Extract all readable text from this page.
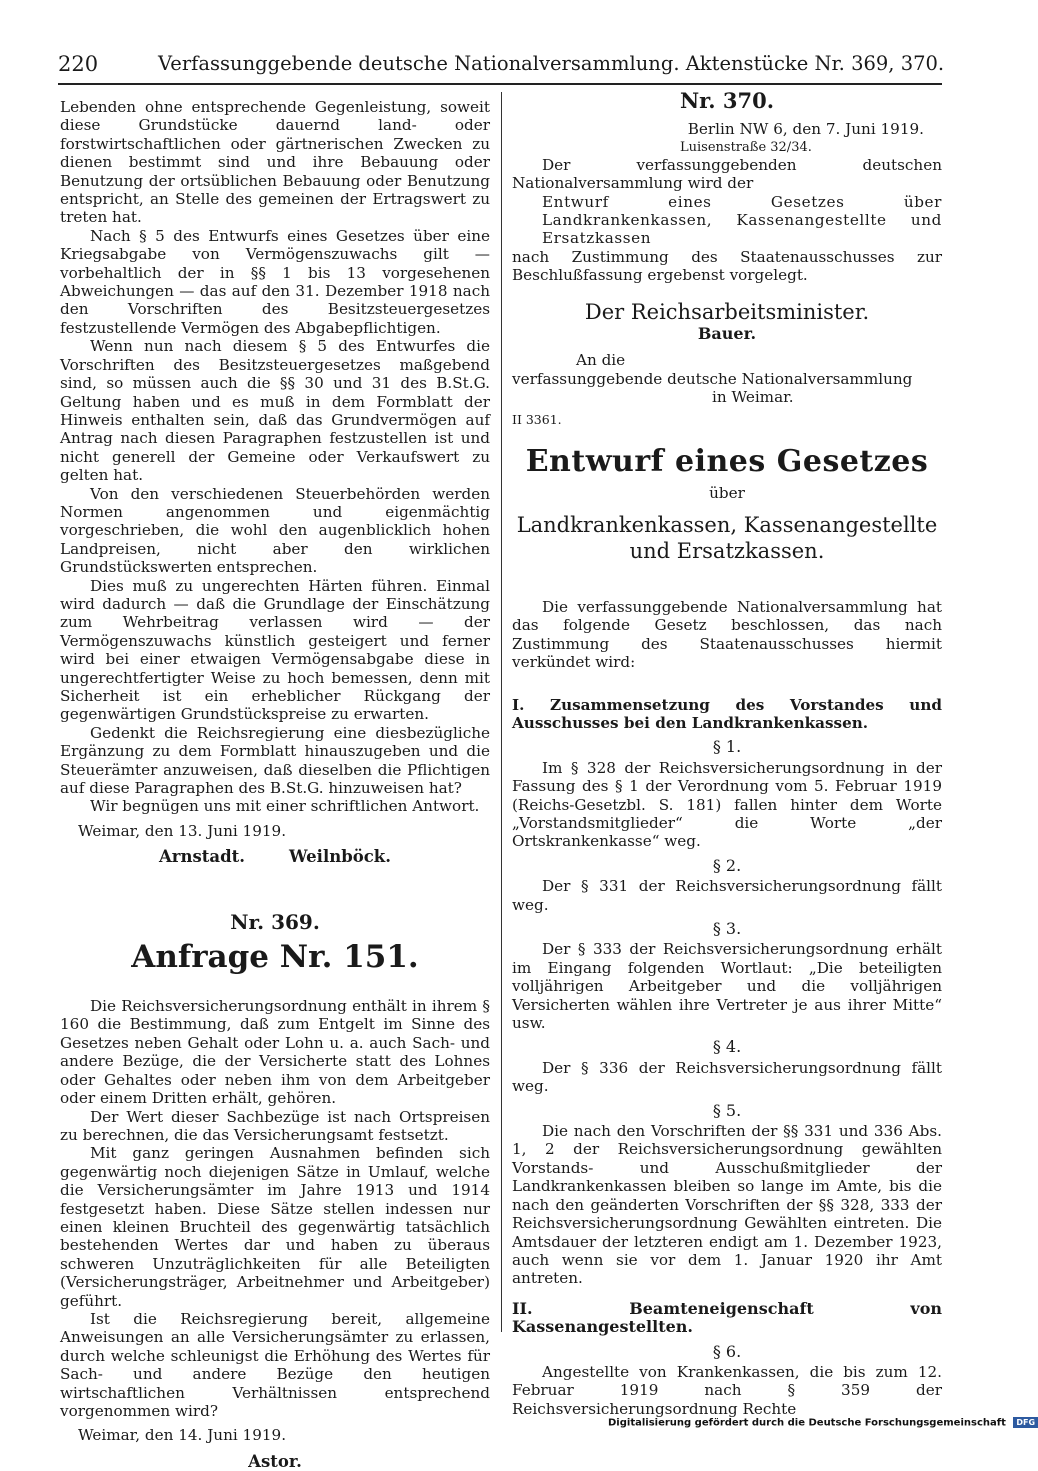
220	Verfassunggebende deutsche Nationalversammlung. Aktenstücke Nr. 369, 370.

Lebenden ohne entsprechende Gegenleistung, soweit diese Grundstücke dauernd land- oder forstwirtschaftlichen oder gärtnerischen Zwecken zu dienen bestimmt sind und ihre Bebauung oder Benutzung der ortsüblichen Bebauung oder Benutzung entspricht, an Stelle des gemeinen der Ertragswert zu treten hat.

Nach § 5 des Entwurfs eines Gesetzes über eine Kriegsabgabe von Vermögenszuwachs gilt — vorbehaltlich der in §§ 1 bis 13 vorgesehenen Abweichungen — das auf den 31. Dezember 1918 nach den Vorschriften des Besitzsteuergesetzes festzustellende Vermögen des Abgabepflichtigen.

Wenn nun nach diesem § 5 des Entwurfes die Vorschriften des Besitzsteuergesetzes maßgebend sind, so müssen auch die §§ 30 und 31 des B.St.G. Geltung haben und es muß in dem Formblatt der Hinweis enthalten sein, daß das Grundvermögen auf Antrag nach diesen Paragraphen festzustellen ist und nicht generell der Gemeine oder Verkaufswert zu gelten hat.

Von den verschiedenen Steuerbehörden werden Normen angenommen und eigenmächtig vorgeschrieben, die wohl den augenblicklich hohen Landpreisen, nicht aber den wirklichen Grundstückswerten entsprechen.

Dies muß zu ungerechten Härten führen. Einmal wird dadurch — daß die Grundlage der Einschätzung zum Wehrbeitrag verlassen wird — der Vermögenszuwachs künstlich gesteigert und ferner wird bei einer etwaigen Vermögensabgabe diese in ungerechtfertigter Weise zu hoch bemessen, denn mit Sicherheit ist ein erheblicher Rückgang der gegenwärtigen Grundstückspreise zu erwarten.

Gedenkt die Reichsregierung eine diesbezügliche Ergänzung zu dem Formblatt hinauszugeben und die Steuerämter anzuweisen, daß dieselben die Pflichtigen auf diese Paragraphen des B.St.G. hinzuweisen hat?

Wir begnügen uns mit einer schriftlichen Antwort.

Weimar, den 13. Juni 1919.

Arnstadt.	Weilnböck.
Nr. 369.
Anfrage Nr. 151.

Die Reichsversicherungsordnung enthält in ihrem § 160 die Bestimmung, daß zum Entgelt im Sinne des Gesetzes neben Gehalt oder Lohn u. a. auch Sach- und andere Bezüge, die der Versicherte statt des Lohnes oder Gehaltes oder neben ihm von dem Arbeitgeber oder einem Dritten erhält, gehören.

Der Wert dieser Sachbezüge ist nach Ortspreisen zu berechnen, die das Versicherungsamt festsetzt.

Mit ganz geringen Ausnahmen befinden sich gegenwärtig noch diejenigen Sätze in Umlauf, welche die Versicherungsämter im Jahre 1913 und 1914 festgesetzt haben. Diese Sätze stellen indessen nur einen kleinen Bruchteil des gegenwärtig tatsächlich bestehenden Wertes dar und haben zu überaus schweren Unzuträglichkeiten für alle Beteiligten (Versicherungsträger, Arbeitnehmer und Arbeitgeber) geführt.

Ist die Reichsregierung bereit, allgemeine Anweisungen an alle Versicherungsämter zu erlassen, durch welche schleunigst die Erhöhung des Wertes für Sach- und andere Bezüge den heutigen wirtschaftlichen Verhältnissen entsprechend vorgenommen wird?

Weimar, den 14. Juni 1919.

Astor.
Nr. 370.

Berlin NW 6, den 7. Juni 1919.

Luisenstraße 32/34.

Der verfassunggebenden deutschen Nationalversammlung wird der

Entwurf eines Gesetzes über Landkrankenkassen, Kassenangestellte und Ersatzkassen

nach Zustimmung des Staatenausschusses zur Beschlußfassung ergebenst vorgelegt.

Der Reichsarbeitsminister.
Bauer.

An die

verfassunggebende deutsche Nationalversammlung

in Weimar.

II 3361.

Entwurf eines Gesetzes
über
Landkrankenkassen, Kassenangestellte und Ersatzkassen.

Die verfassunggebende Nationalversammlung hat das folgende Gesetz beschlossen, das nach Zustimmung des Staatenausschusses hiermit verkündet wird:

I. Zusammensetzung des Vorstandes und Ausschusses bei den Landkrankenkassen.

§ 1.

Im § 328 der Reichsversicherungsordnung in der Fassung des § 1 der Verordnung vom 5. Februar 1919 (Reichs-Gesetzbl. S. 181) fallen hinter dem Worte „Vorstandsmitglieder“ die Worte „der Ortskrankenkasse“ weg.

§ 2.

Der § 331 der Reichsversicherungsordnung fällt weg.

§ 3.

Der § 333 der Reichsversicherungsordnung erhält im Eingang folgenden Wortlaut: „Die beteiligten volljährigen Arbeitgeber und die volljährigen Versicherten wählen ihre Vertreter je aus ihrer Mitte“ usw.

§ 4.

Der § 336 der Reichsversicherungsordnung fällt weg.

§ 5.

Die nach den Vorschriften der §§ 331 und 336 Abs. 1, 2 der Reichsversicherungsordnung gewählten Vorstands- und Ausschußmitglieder der Landkrankenkassen bleiben so lange im Amte, bis die nach den geänderten Vorschriften der §§ 328, 333 der Reichsversicherungsordnung Gewählten eintreten. Die Amtsdauer der letzteren endigt am 1. Dezember 1923, auch wenn sie vor dem 1. Januar 1920 ihr Amt antreten.

II. Beamteneigenschaft von Kassenangestellten.

§ 6.

Angestellte von Krankenkassen, die bis zum 12. Februar 1919 nach § 359 der Reichsversicherungsordnung Rechte

Digitalisierung gefördert durch die Deutsche Forschungsgemeinschaft DFG
